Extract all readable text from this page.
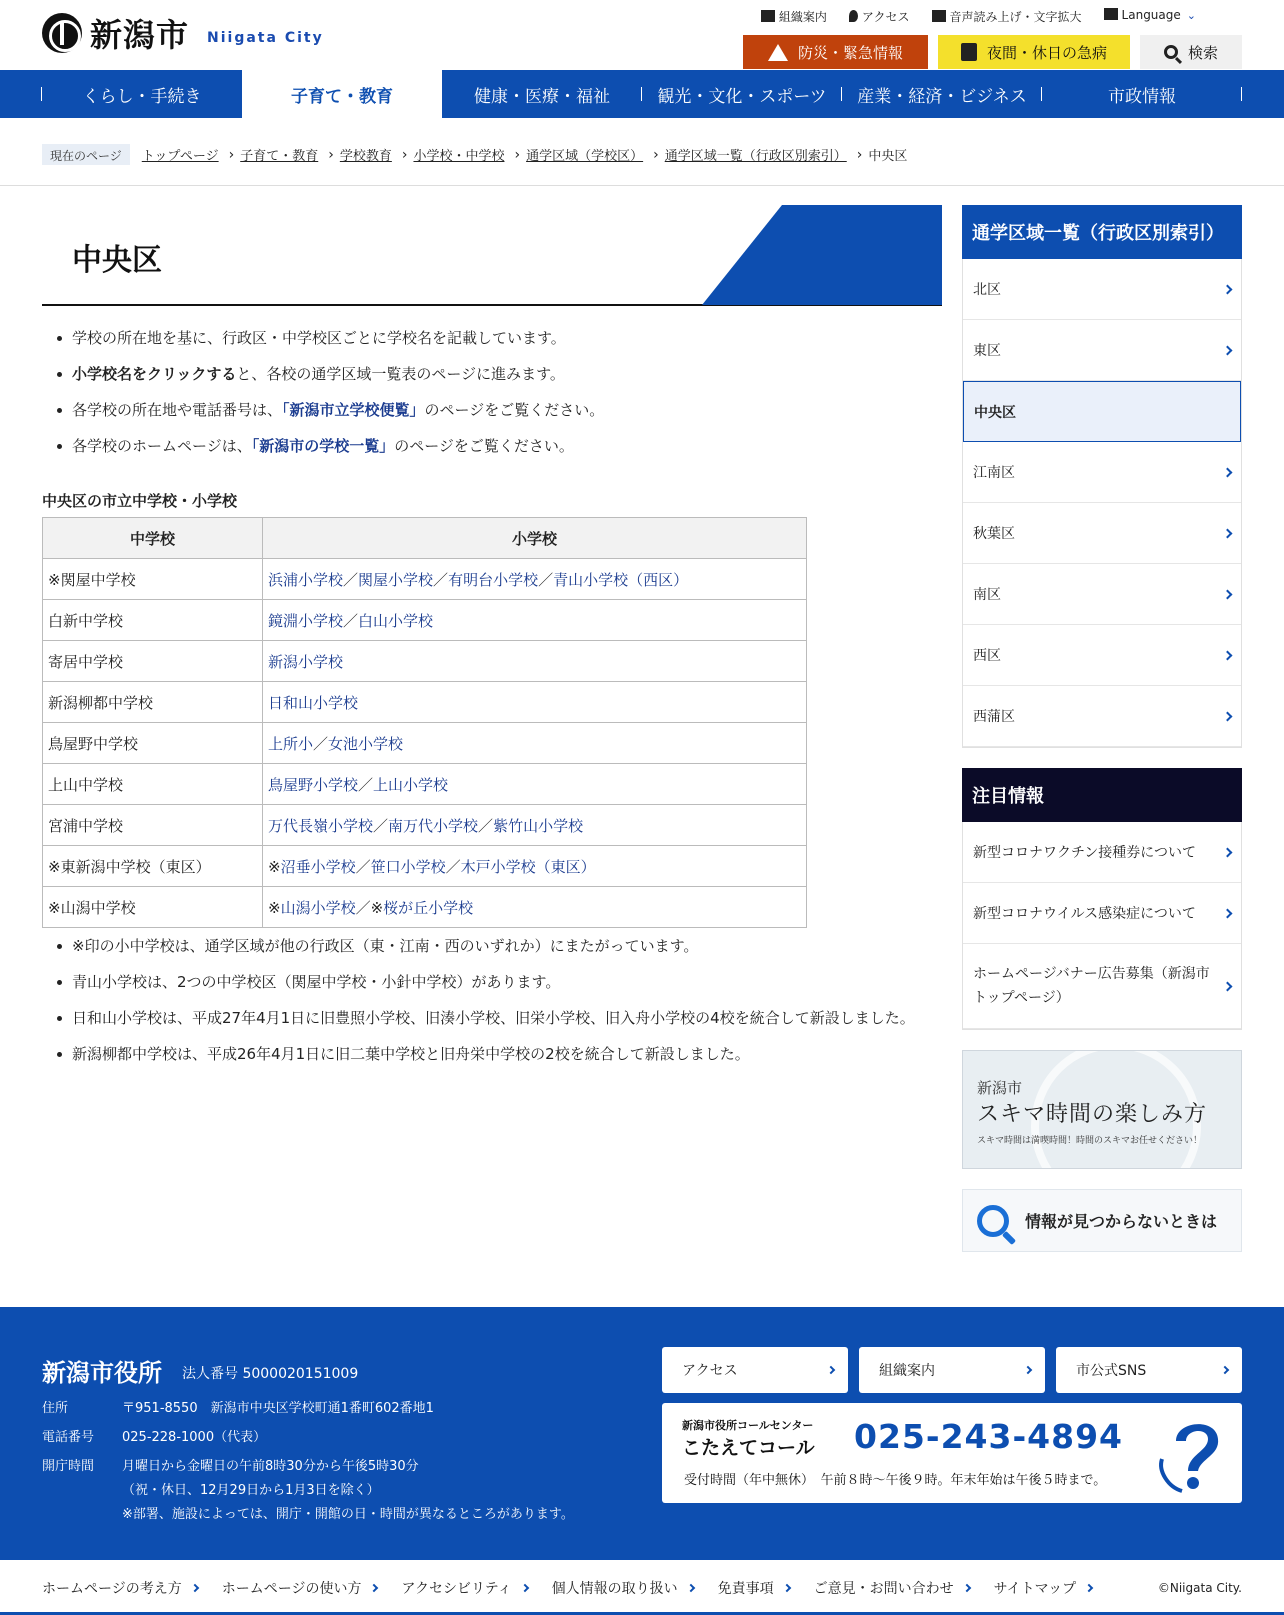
新潟市 Niigata City
組織案内	アクセス	音声読み上げ・文字拡大	Language ⌄
防災・緊急情報	夜間・休日の急病	検索
くらし・手続き	子育て・教育	健康・医療・福祉	観光・文化・スポーツ 産業・経済・ビジネス	市政情報
現在のページ	トップページ › 子育て・教育 › 学校教育 › 小学校・中学校 › 通学区域（学校区） › 通学区域一覧（行政区別索引） › 中央区
中央区
学校の所在地を基に、行政区・中学校区ごとに学校名を記載しています。
小学校名をクリックすると、各校の通学区域一覧表のページに進みます。
各学校の所在地や電話番号は、「新潟市立学校便覧」のページをご覧ください。
各学校のホームページは、「新潟市の学校一覧」のページをご覧ください。
中央区の市立中学校・小学校
中学校	小学校
※関屋中学校	浜浦小学校／関屋小学校／有明台小学校／青山小学校（西区）
白新中学校	鏡淵小学校／白山小学校
寄居中学校	新潟小学校
新潟柳都中学校	日和山小学校
鳥屋野中学校	上所小／女池小学校
上山中学校	鳥屋野小学校／上山小学校
宮浦中学校	万代長嶺小学校／南万代小学校／紫竹山小学校
※東新潟中学校（東区）	※沼垂小学校／笹口小学校／木戸小学校（東区）
※山潟中学校	※山潟小学校／※桜が丘小学校
※印の小中学校は、通学区域が他の行政区（東・江南・西のいずれか）にまたがっています。
青山小学校は、2つの中学校区（関屋中学校・小針中学校）があります。
日和山小学校は、平成27年4月1日に旧豊照小学校、旧湊小学校、旧栄小学校、旧入舟小学校の4校を統合して新設しました。
新潟柳都中学校は、平成26年4月1日に旧二葉中学校と旧舟栄中学校の2校を統合して新設しました。
通学区域一覧（行政区別索引）
北区
東区
中央区
江南区
秋葉区
南区
西区
西蒲区
注目情報
新型コロナワクチン接種券について
新型コロナウイルス感染症について
ホームページバナー広告募集（新潟市トップページ）
新潟市
スキマ時間の楽しみ方
スキマ時間は満喫時間！時間のスキマお任せください！
情報が見つからないときは
新潟市役所 法人番号 5000020151009
住所	〒951-8550　新潟市中央区学校町通1番町602番地1
電話番号	025-228-1000（代表）
開庁時間	月曜日から金曜日の午前8時30分から午後5時30分
（祝・休日、12月29日から1月3日を除く）
※部署、施設によっては、開庁・開館の日・時間が異なるところがあります。
アクセス	組織案内	市公式SNS
新潟市役所コールセンター
こたえてコール 025-243-4894
受付時間（年中無休）　午前８時～午後９時。年末年始は午後５時まで。
ホームページの考え方	ホームページの使い方	アクセシビリティ	個人情報の取り扱い	免責事項	ご意見・お問い合わせ	サイトマップ	©Niigata City.
